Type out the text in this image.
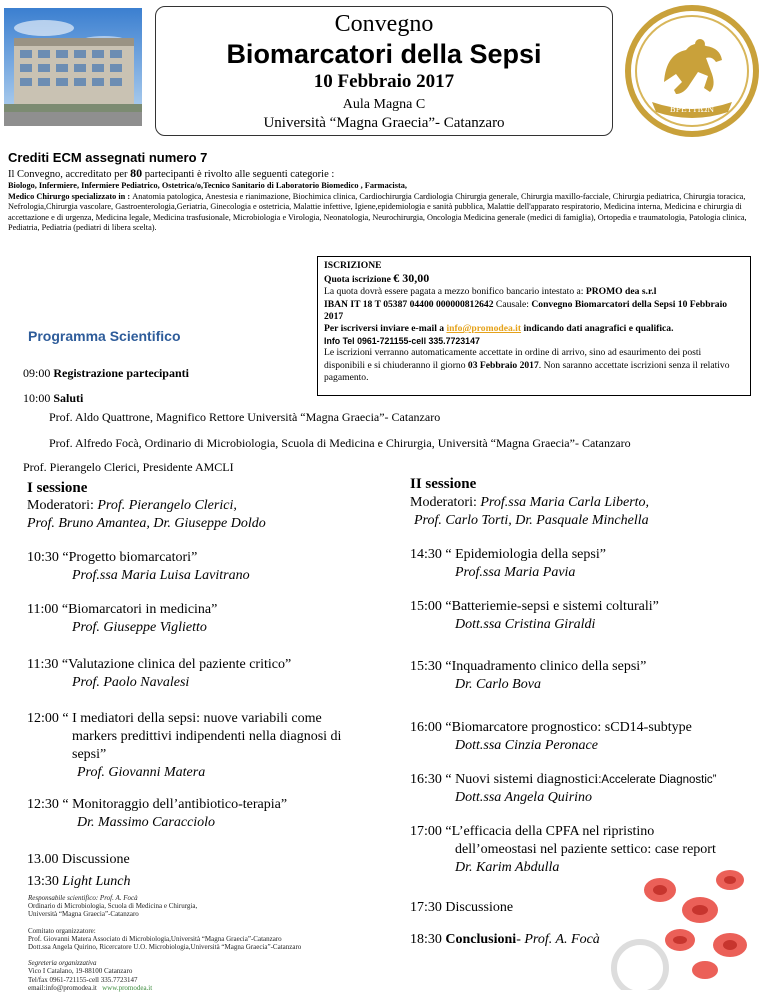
Convegno
Biomarcatori della Sepsi
10 Febbraio 2017
Aula Magna C
Università “Magna Graecia”- Catanzaro
ΒΡΕΤΤΙΩΝ
Crediti ECM assegnati numero 7
Il Convegno, accreditato per 80 partecipanti è rivolto alle seguenti categorie :
Biologo, Infermiere, Infermiere Pediatrico, Ostetrica/o,Tecnico Sanitario di Laboratorio Biomedico , Farmacista,
Medico Chirurgo specializzato in : Anatomia patologica, Anestesia e rianimazione, Biochimica clinica, Cardiochirurgia Cardiologia Chirurgia generale, Chirurgia maxillo-facciale, Chirurgia pediatrica, Chirurgia toracica, Nefrologia,Chirurgia vascolare, Gastroenterologia,Geriatria, Ginecologia e ostetricia, Malattie infettive, Igiene,epidemiologia e sanità pubblica, Malattie dell'apparato respiratorio, Medicina interna, Medicina e chirurgia di accettazione e di urgenza, Medicina legale, Medicina trasfusionale, Microbiologia e Virologia, Neonatologia, Neurochirurgia, Oncologia Medicina generale (medici di famiglia), Ortopedia e traumatologia, Patologia clinica, Pediatria, Pediatria (pediatri di libera scelta).
ISCRIZIONE
Quota iscrizione € 30,00
La quota dovrà essere pagata a mezzo bonifico bancario intestato a: PROMO dea s.r.l
IBAN IT 18 T 05387 04400 000000812642 Causale: Convegno Biomarcatori della Sepsi 10 Febbraio 2017
Per iscriversi inviare e-mail a info@promodea.it indicando dati anagrafici e qualifica.
Info Tel 0961-721155-cell 335.7723147
Le iscrizioni verranno automaticamente accettate in ordine di arrivo, sino ad esaurimento dei posti disponibili e si chiuderanno il giorno 03 Febbraio 2017. Non saranno accettate iscrizioni senza il relativo pagamento.
Programma Scientifico
09:00 Registrazione partecipanti
10:00 Saluti
Prof. Aldo Quattrone, Magnifico Rettore Università “Magna Graecia”- Catanzaro
Prof. Alfredo Focà, Ordinario di Microbiologia, Scuola di Medicina e Chirurgia, Università “Magna Graecia”- Catanzaro
Prof. Pierangelo Clerici, Presidente AMCLI
I sessione
Moderatori: Prof. Pierangelo Clerici,
Prof. Bruno Amantea, Dr. Giuseppe Doldo
10:30 “Progetto biomarcatori”
Prof.ssa Maria Luisa Lavitrano
11:00 “Biomarcatori in medicina”
Prof. Giuseppe Viglietto
11:30 “Valutazione clinica del paziente critico”
Prof. Paolo Navalesi
12:00 “ I mediatori della sepsi: nuove variabili come
markers predittivi indipendenti nella diagnosi di
sepsi”
Prof. Giovanni Matera
12:30 “ Monitoraggio dell’antibiotico-terapia”
Dr. Massimo Caracciolo
13.00 Discussione
13:30 Light Lunch
II sessione
Moderatori: Prof.ssa Maria Carla Liberto,
Prof. Carlo Torti, Dr. Pasquale Minchella
14:30 “ Epidemiologia della sepsi”
Prof.ssa Maria Pavia
15:00 “Batteriemie-sepsi e sistemi colturali”
Dott.ssa Cristina Giraldi
15:30 “Inquadramento clinico della sepsi”
Dr. Carlo Bova
16:00 “Biomarcatore prognostico: sCD14-subtype
Dott.ssa Cinzia Peronace
16:30 “ Nuovi sistemi diagnostici:Accelerate Diagnostic”
Dott.ssa Angela Quirino
17:00 “L’efficacia della CPFA nel ripristino
dell’omeostasi nel paziente settico: case report
Dr. Karim Abdulla
17:30 Discussione
18:30 Conclusioni- Prof. A. Focà
Responsabile scientifico: Prof. A. Focà
Ordinario di Microbiologia, Scuola di Medicina e Chirurgia,
Università “Magna Graecia”-Catanzaro
Comitato organizzatore:
Prof. Giovanni Matera Associato di Microbiologia,Università “Magna Graecia”-Catanzaro
Dott.ssa Angela Quirino, Ricercatore U.O. Microbiologia,Università “Magna Graecia”-Catanzaro
Segreteria organizzativa
Vico I Catalano, 19-88100 Catanzaro
Tel/fax 0961-721155-cell 335.7723147
email:info@promodea.it www.promodea.it
